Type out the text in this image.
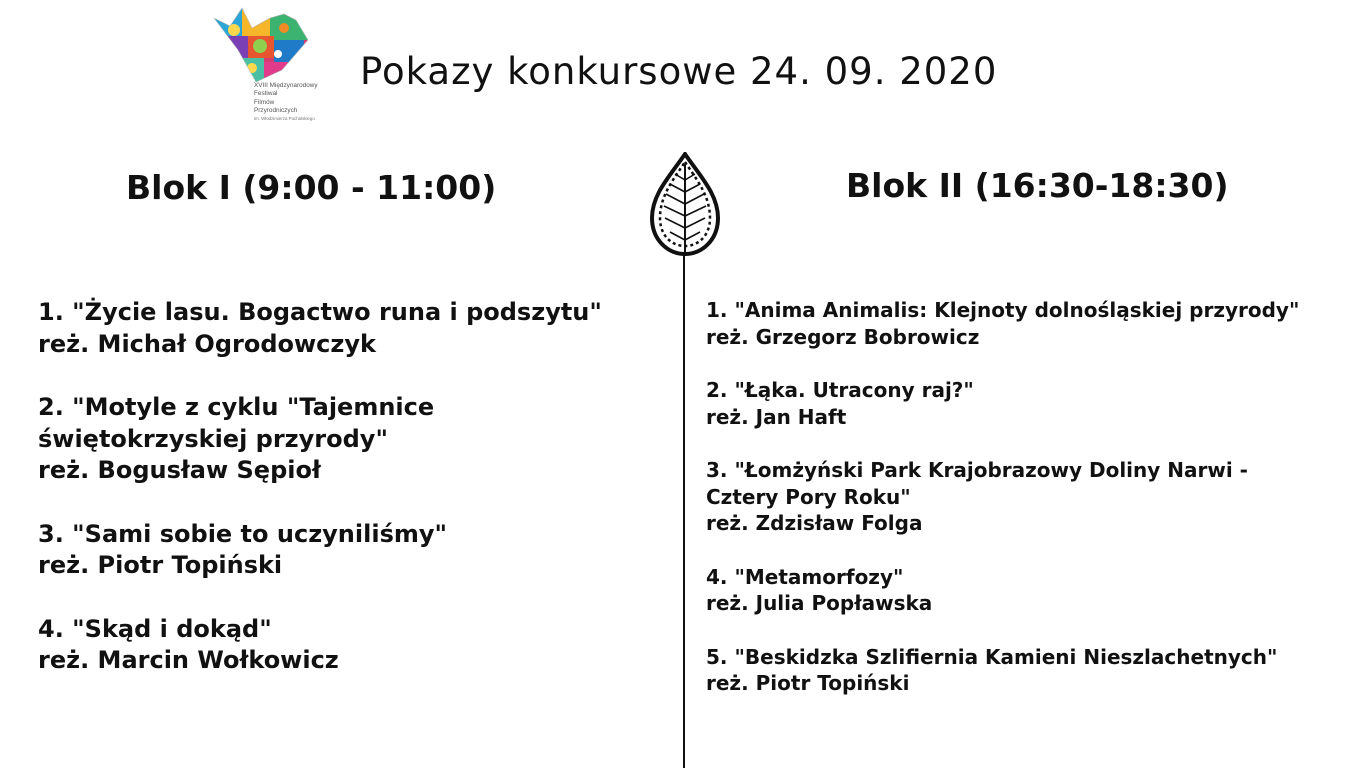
XVIII Międzynarodowy
Festiwal
Filmów
Przyrodniczych
im. Włodzimierza Puchalskiego
Pokazy konkursowe 24. 09. 2020
Blok I (9:00 - 11:00)	Blok II (16:30-18:30)
1. "Życie lasu. Bogactwo runa i podszytu"
reż. Michał Ogrodowczyk
2. "Motyle z cyklu "Tajemnice
świętokrzyskiej przyrody"
reż. Bogusław Sępioł
3. "Sami sobie to uczyniliśmy"
reż. Piotr Topiński
4. "Skąd i dokąd"
reż. Marcin Wołkowicz
1. "Anima Animalis: Klejnoty dolnośląskiej przyrody"
reż. Grzegorz Bobrowicz
2. "Łąka. Utracony raj?"
reż. Jan Haft
3. "Łomżyński Park Krajobrazowy Doliny Narwi -
Cztery Pory Roku"
reż. Zdzisław Folga
4. "Metamorfozy"
reż. Julia Popławska
5. "Beskidzka Szlifiernia Kamieni Nieszlachetnych"
reż. Piotr Topiński
